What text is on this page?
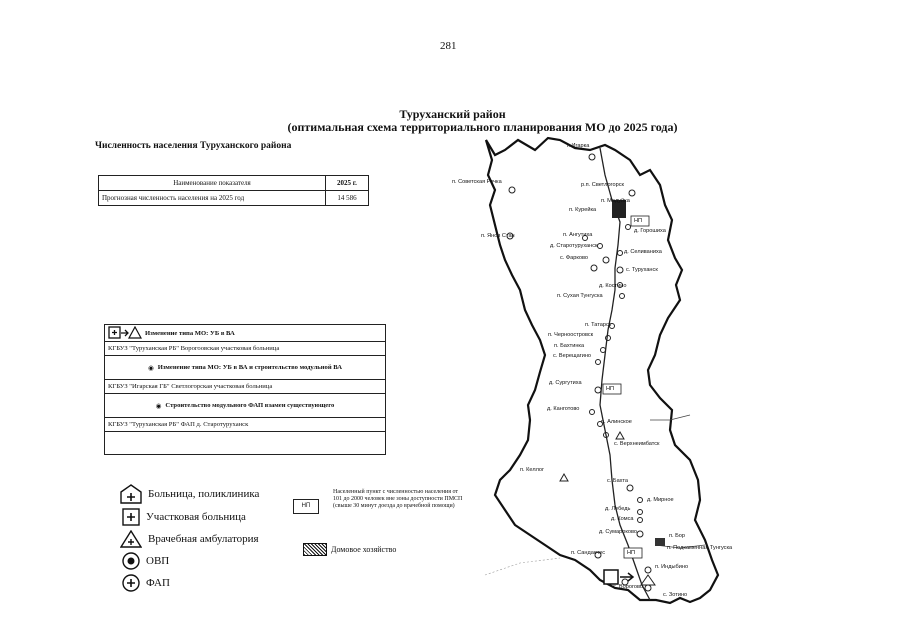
281
Туруханский район
(оптимальная схема территориального планирования МО до 2025 года)
Численность населения Туруханского района
Наименование показателя	2025 г.
Прогнозная численность населения на 2025 год	14 586
Изменение типа МО: УБ в ВА
КГБУЗ "Туруханская РБ" Ворогоовская участковая больница
◉ Изменение типа МО: УБ в ВА и строительство модульной ВА
КГБУЗ "Игарская ГБ" Светлогорская участковая больница
◉ Строительство модульного ФАП взамен существующего
КГБУЗ "Туруханская РБ" ФАП д. Старотуруханск
Больница, поликлиника
Участковая больница
Врачебная амбулатория
ОВП
ФАП
НП
Населенный пункт с численностью населения от 101 до 2000 человек вне зоны доступности ПМСП (свыше 30 минут доезда до врачебной помощи)
Домовое хозяйство
г. Игарка
п. Советская Речка	р.п. Светлогорск
п. Мадуйка
п. Курейка
д. Горошиха
п. Ангутиха
п. Янов Стан
д. Старотуруханск
д. Селиваниха
с. Фарково
с. Туруханск
д. Костино
п. Сухая Тунгуска
п. Татарск
п. Черноостровск
п. Бахтинка
с. Верещагино
д. Сургутиха
д. Канготово
п. Алинское
с. Верхнеимбатск
п. Келлог
с. Бахта
д. Мирное
д. Лебедь
д. Комса
д. Сумароково
п. Бор
п. Подкаменная Тунгуска
п. Сандакчес
п. Индыбино
с. Ворогово
с. Зотино
НП
НП
НП
